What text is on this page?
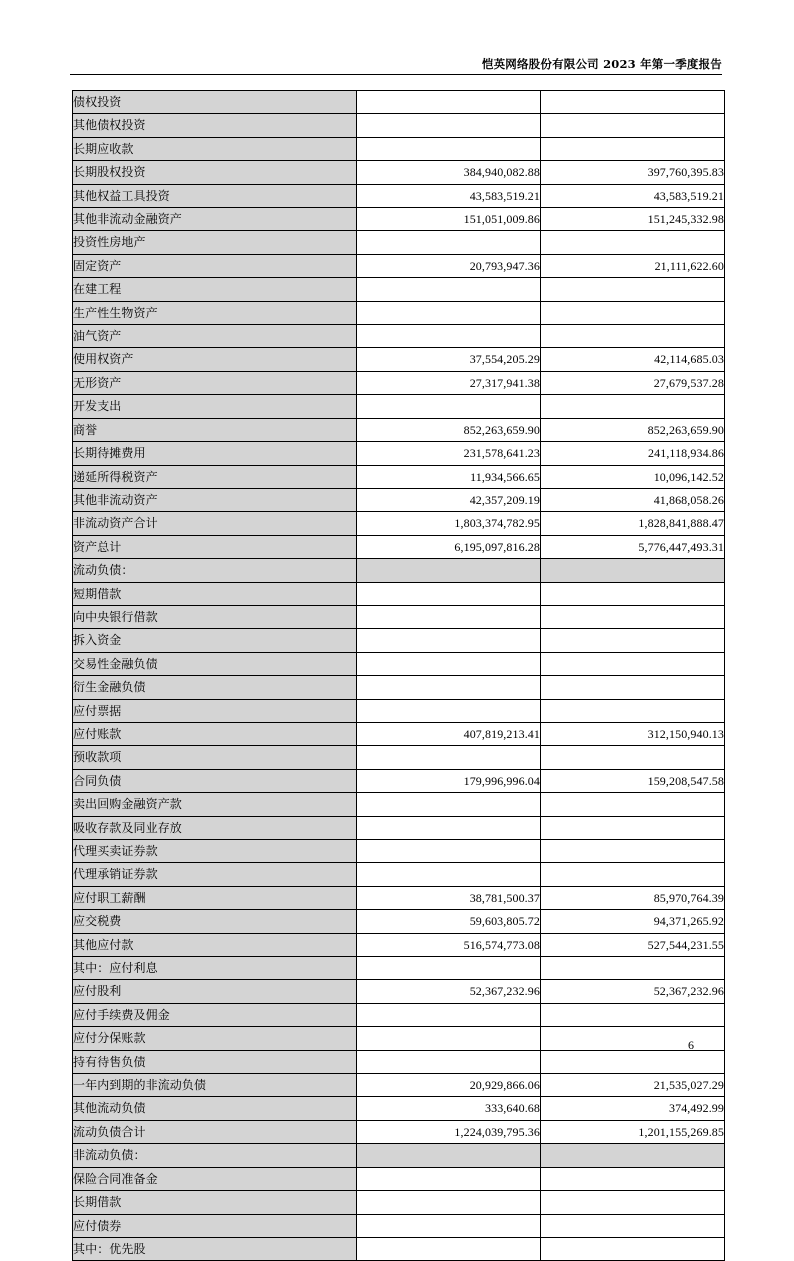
恺英网络股份有限公司 2023 年第一季度报告
债权投资		
其他债权投资		
长期应收款		
长期股权投资	384,940,082.88	397,760,395.83
其他权益工具投资	43,583,519.21	43,583,519.21
其他非流动金融资产	151,051,009.86	151,245,332.98
投资性房地产		
固定资产	20,793,947.36	21,111,622.60
在建工程		
生产性生物资产		
油气资产		
使用权资产	37,554,205.29	42,114,685.03
无形资产	27,317,941.38	27,679,537.28
开发支出		
商誉	852,263,659.90	852,263,659.90
长期待摊费用	231,578,641.23	241,118,934.86
递延所得税资产	11,934,566.65	10,096,142.52
其他非流动资产	42,357,209.19	41,868,058.26
非流动资产合计	1,803,374,782.95	1,828,841,888.47
资产总计	6,195,097,816.28	5,776,447,493.31
流动负债：		
短期借款		
向中央银行借款		
拆入资金		
交易性金融负债		
衍生金融负债		
应付票据		
应付账款	407,819,213.41	312,150,940.13
预收款项		
合同负债	179,996,996.04	159,208,547.58
卖出回购金融资产款		
吸收存款及同业存放		
代理买卖证券款		
代理承销证券款		
应付职工薪酬	38,781,500.37	85,970,764.39
应交税费	59,603,805.72	94,371,265.92
其他应付款	516,574,773.08	527,544,231.55
其中：应付利息		
应付股利	52,367,232.96	52,367,232.96
应付手续费及佣金		
应付分保账款		
持有待售负债		
一年内到期的非流动负债	20,929,866.06	21,535,027.29
其他流动负债	333,640.68	374,492.99
流动负债合计	1,224,039,795.36	1,201,155,269.85
非流动负债：		
保险合同准备金		
长期借款		
应付债券		
其中：优先股		
6
